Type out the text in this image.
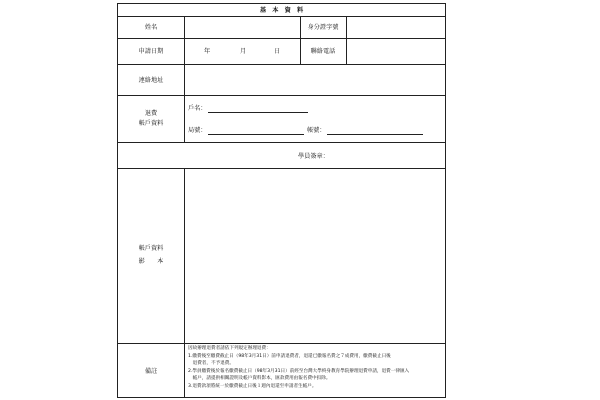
基　本　資　料
姓名	身分證字號
申請日期	年	月	日	聯絡電話
連絡地址
退費
帳戶資料
戶名：
局號：	帳號：
學員簽章：
帳戶資料
影　　本
備註
因故辦理退費者請依下列規定辦理退費：
1.繳費後至繳費截止日（98年3月31日）前申請退費者，退還已繳報名費之７成費用，繳費截止日後
　退費者，不予退費。
2.學員繳費後於報名繳費截止日（98年3月31日）前經至台灣大學終身教育學院辦理退費申請，退費一律匯入
　帳戶，請提供相關證明及帳戶資料影本，匯款費用由報名費中扣除。
3.退費款項將統一於繳費截止日後１週內退還至申請者生帳戶。
